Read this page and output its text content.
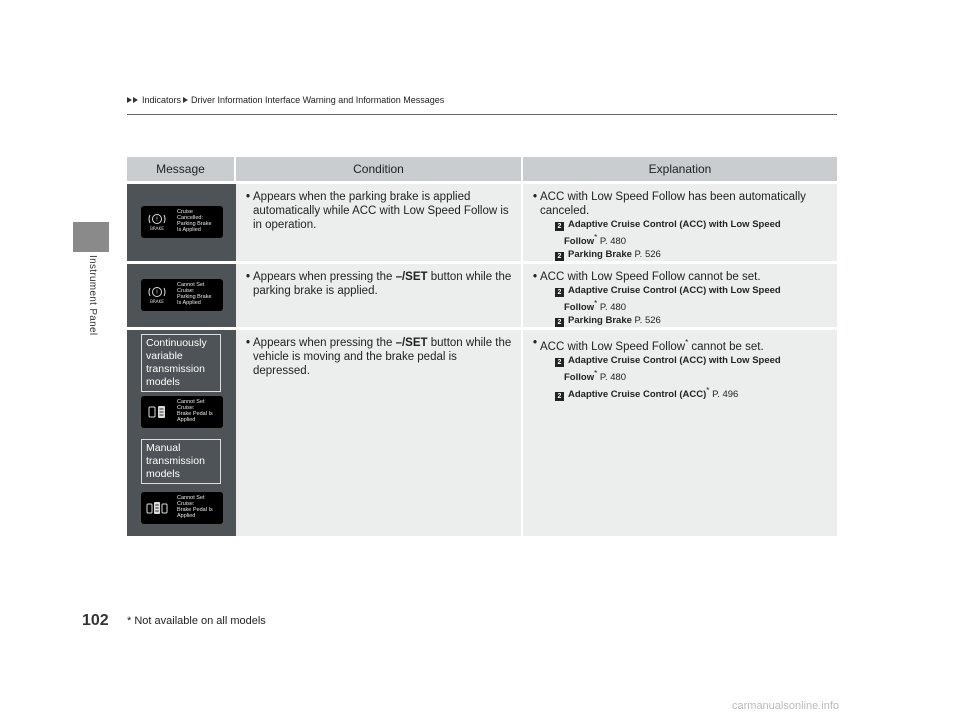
Instrument Panel
Indicators Driver Information Interface Warning and Information Messages
Message	Condition	Explanation
!
BRAKE
Cruise
Cancelled:
Parking Brake
Is Applied
• Appears when the parking brake is applied automatically while ACC with Low Speed Follow is in operation.
• ACC with Low Speed Follow has been automatically canceled.
2 Adaptive Cruise Control (ACC) with Low Speed
Follow* P. 480
2 Parking Brake P. 526
!
BRAKE
Cannot Set
Cruise:
Parking Brake
Is Applied
• Appears when pressing the –/SET button while the parking brake is applied.
• ACC with Low Speed Follow cannot be set.
2 Adaptive Cruise Control (ACC) with Low Speed
Follow* P. 480
2 Parking Brake P. 526
Continuously variable transmission models
Cannot Set
Cruise:
Brake Pedal Is
Applied
Manual transmission models
Cannot Set
Cruise:
Brake Pedal Is
Applied
• Appears when pressing the –/SET button while the vehicle is moving and the brake pedal is depressed.
• ACC with Low Speed Follow* cannot be set.
2 Adaptive Cruise Control (ACC) with Low Speed
Follow* P. 480
2 Adaptive Cruise Control (ACC)* P. 496
102 * Not available on all models
carmanualsonline.info
